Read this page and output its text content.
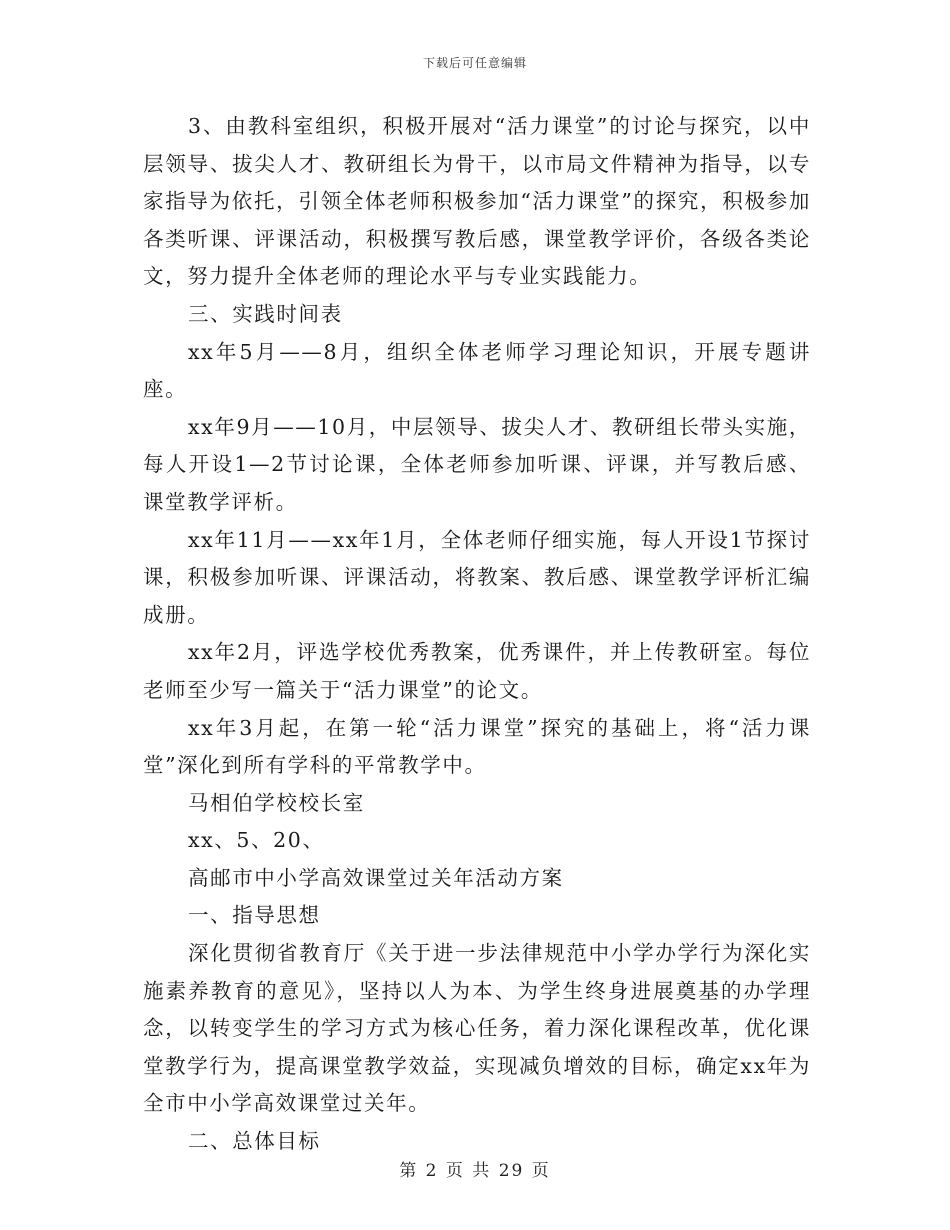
下载后可任意编辑

3、由教科室组织，积极开展对“活力课堂”的讨论与探究，以中层领导、拔尖人才、教研组长为骨干，以市局文件精神为指导，以专家指导为依托，引领全体老师积极参加“活力课堂”的探究，积极参加各类听课、评课活动，积极撰写教后感，课堂教学评价，各级各类论文，努力提升全体老师的理论水平与专业实践能力。

三、实践时间表

xx年5月——8月，组织全体老师学习理论知识，开展专题讲座。

xx年9月——10月，中层领导、拔尖人才、教研组长带头实施，每人开设1—2节讨论课，全体老师参加听课、评课，并写教后感、课堂教学评析。

xx年11月——xx年1月，全体老师仔细实施，每人开设1节探讨课，积极参加听课、评课活动，将教案、教后感、课堂教学评析汇编成册。

xx年2月，评选学校优秀教案，优秀课件，并上传教研室。每位老师至少写一篇关于“活力课堂”的论文。

xx年3月起，在第一轮“活力课堂”探究的基础上，将“活力课堂”深化到所有学科的平常教学中。

马相伯学校校长室

xx、5、20、

高邮市中小学高效课堂过关年活动方案

一、指导思想

深化贯彻省教育厅《关于进一步法律规范中小学办学行为深化实施素养教育的意见》，坚持以人为本、为学生终身进展奠基的办学理念，以转变学生的学习方式为核心任务，着力深化课程改革，优化课堂教学行为，提高课堂教学效益，实现减负增效的目标，确定xx年为全市中小学高效课堂过关年。

二、总体目标

第 2 页 共 29 页
